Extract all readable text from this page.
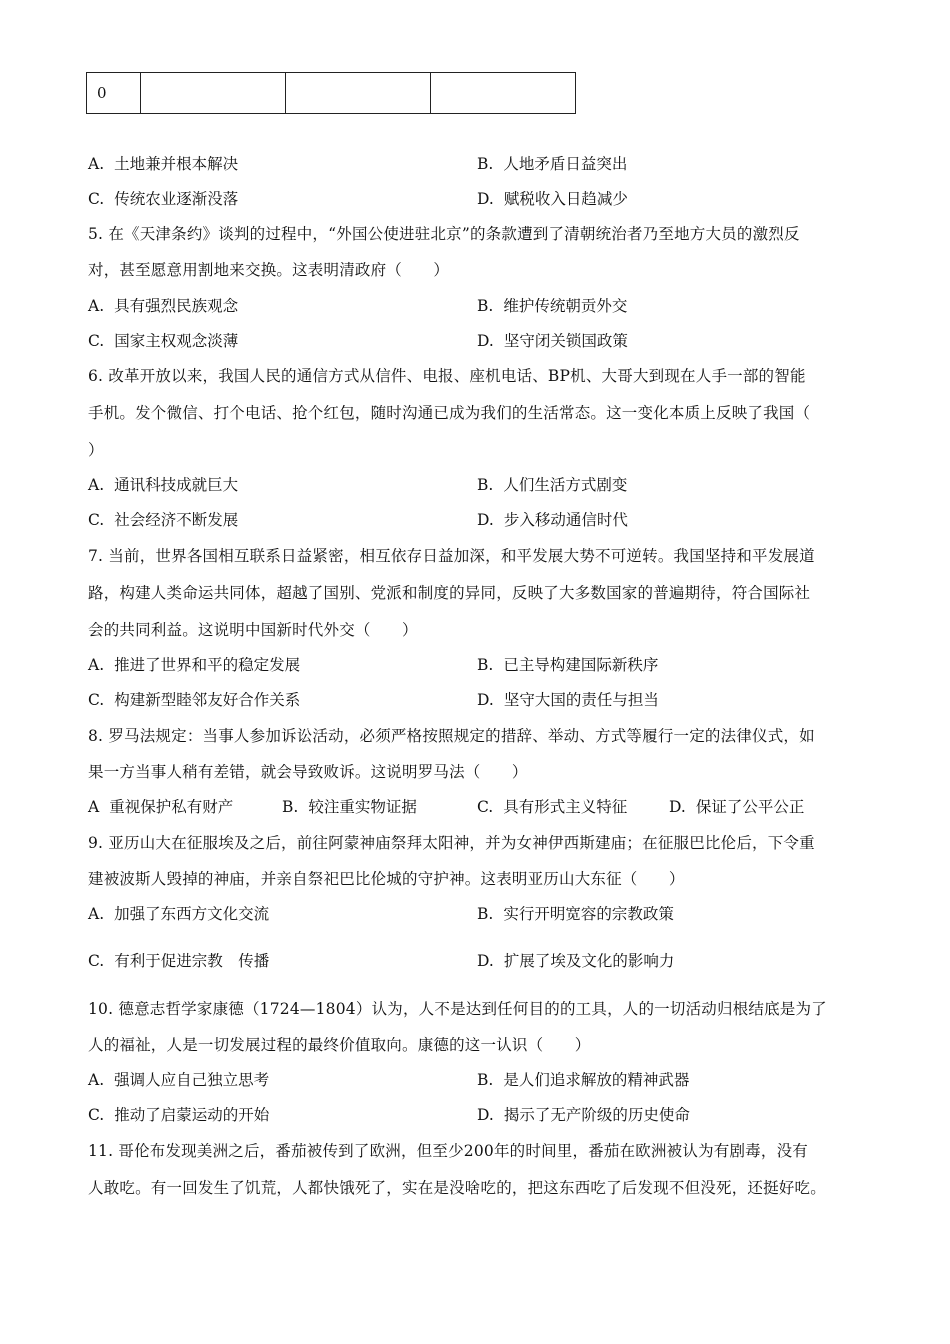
0			
A. 土地兼并根本解决	B. 人地矛盾日益突出
C. 传统农业逐渐没落	D. 赋税收入日趋减少
5. 在《天津条约》谈判的过程中，“外国公使进驻北京”的条款遭到了清朝统治者乃至地方大员的激烈反
对，甚至愿意用割地来交换。这表明清政府（　　）
A. 具有强烈民族观念	B. 维护传统朝贡外交
C. 国家主权观念淡薄	D. 坚守闭关锁国政策
6. 改革开放以来，我国人民的通信方式从信件、电报、座机电话、BP机、大哥大到现在人手一部的智能
手机。发个微信、打个电话、抢个红包，随时沟通已成为我们的生活常态。这一变化本质上反映了我国（
）
A. 通讯科技成就巨大	B. 人们生活方式剧变
C. 社会经济不断发展	D. 步入移动通信时代
7. 当前，世界各国相互联系日益紧密，相互依存日益加深，和平发展大势不可逆转。我国坚持和平发展道
路，构建人类命运共同体，超越了国别、党派和制度的异同，反映了大多数国家的普遍期待，符合国际社
会的共同利益。这说明中国新时代外交（　　）
A. 推进了世界和平的稳定发展	B. 已主导构建国际新秩序
C. 构建新型睦邻友好合作关系	D. 坚守大国的责任与担当
8. 罗马法规定：当事人参加诉讼活动，必须严格按照规定的措辞、举动、方式等履行一定的法律仪式，如
果一方当事人稍有差错，就会导致败诉。这说明罗马法（　　）
A 重视保护私有财产	B. 较注重实物证据	C. 具有形式主义特征	D. 保证了公平公正
9. 亚历山大在征服埃及之后，前往阿蒙神庙祭拜太阳神，并为女神伊西斯建庙；在征服巴比伦后，下令重
建被波斯人毁掉的神庙，并亲自祭祀巴比伦城的守护神。这表明亚历山大东征（　　）
A. 加强了东西方文化交流	B. 实行开明宽容的宗教政策
C. 有利于促进宗教　传播	D. 扩展了埃及文化的影响力
10. 德意志哲学家康德（1724—1804）认为，人不是达到任何目的的工具，人的一切活动归根结底是为了
人的福祉，人是一切发展过程的最终价值取向。康德的这一认识（　　）
A. 强调人应自己独立思考	B. 是人们追求解放的精神武器
C. 推动了启蒙运动的开始	D. 揭示了无产阶级的历史使命
11. 哥伦布发现美洲之后，番茄被传到了欧洲，但至少200年的时间里，番茄在欧洲被认为有剧毒，没有
人敢吃。有一回发生了饥荒，人都快饿死了，实在是没啥吃的，把这东西吃了后发现不但没死，还挺好吃。
